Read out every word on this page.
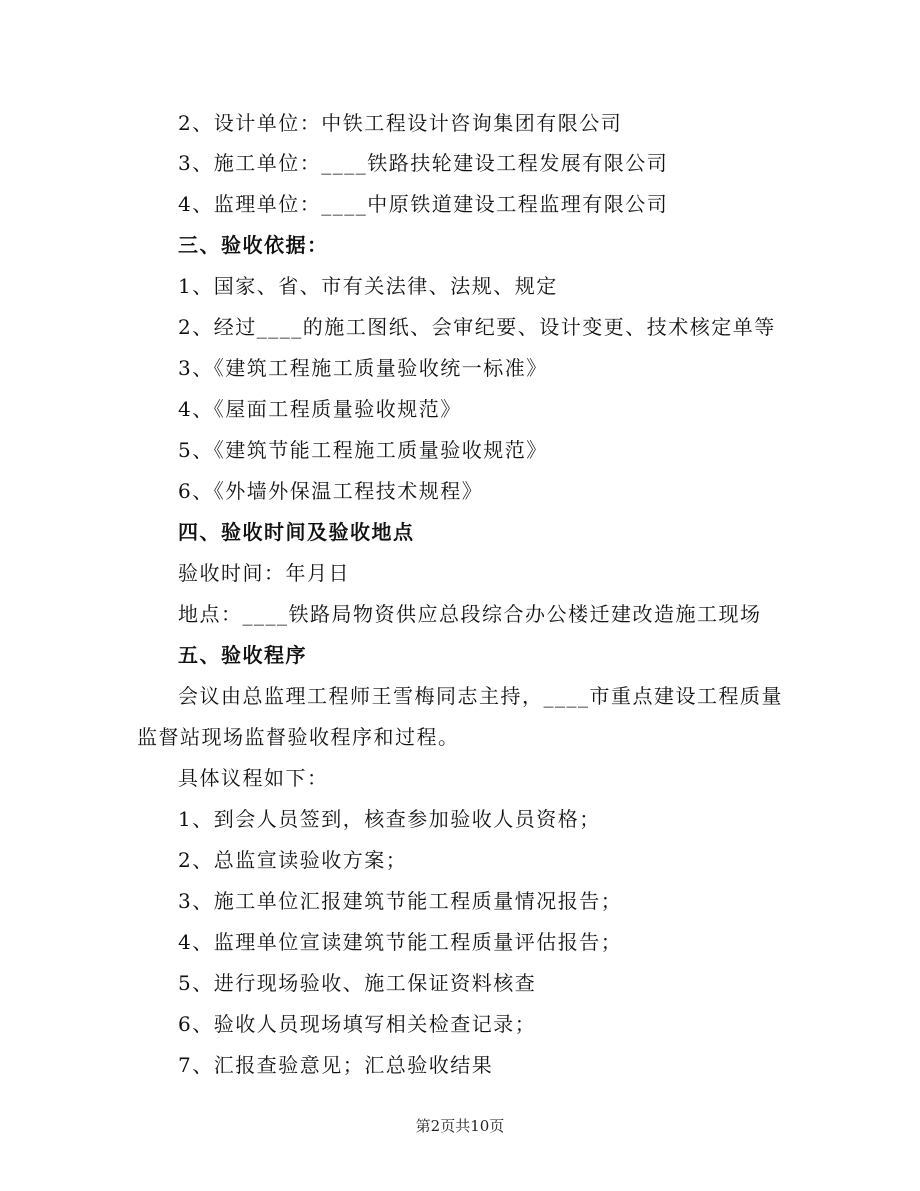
2、设计单位：中铁工程设计咨询集团有限公司
3、施工单位：____铁路扶轮建设工程发展有限公司
4、监理单位：____中原铁道建设工程监理有限公司
三、验收依据：
1、国家、省、市有关法律、法规、规定
2、经过____的施工图纸、会审纪要、设计变更、技术核定单等
3、《建筑工程施工质量验收统一标准》
4、《屋面工程质量验收规范》
5、《建筑节能工程施工质量验收规范》
6、《外墙外保温工程技术规程》
四、验收时间及验收地点
验收时间：年月日
地点：____铁路局物资供应总段综合办公楼迁建改造施工现场
五、验收程序
会议由总监理工程师王雪梅同志主持，____市重点建设工程质量
监督站现场监督验收程序和过程。
具体议程如下：
1、到会人员签到，核查参加验收人员资格；
2、总监宣读验收方案；
3、施工单位汇报建筑节能工程质量情况报告；
4、监理单位宣读建筑节能工程质量评估报告；
5、进行现场验收、施工保证资料核查
6、验收人员现场填写相关检查记录；
7、汇报查验意见；汇总验收结果
第2页共10页
